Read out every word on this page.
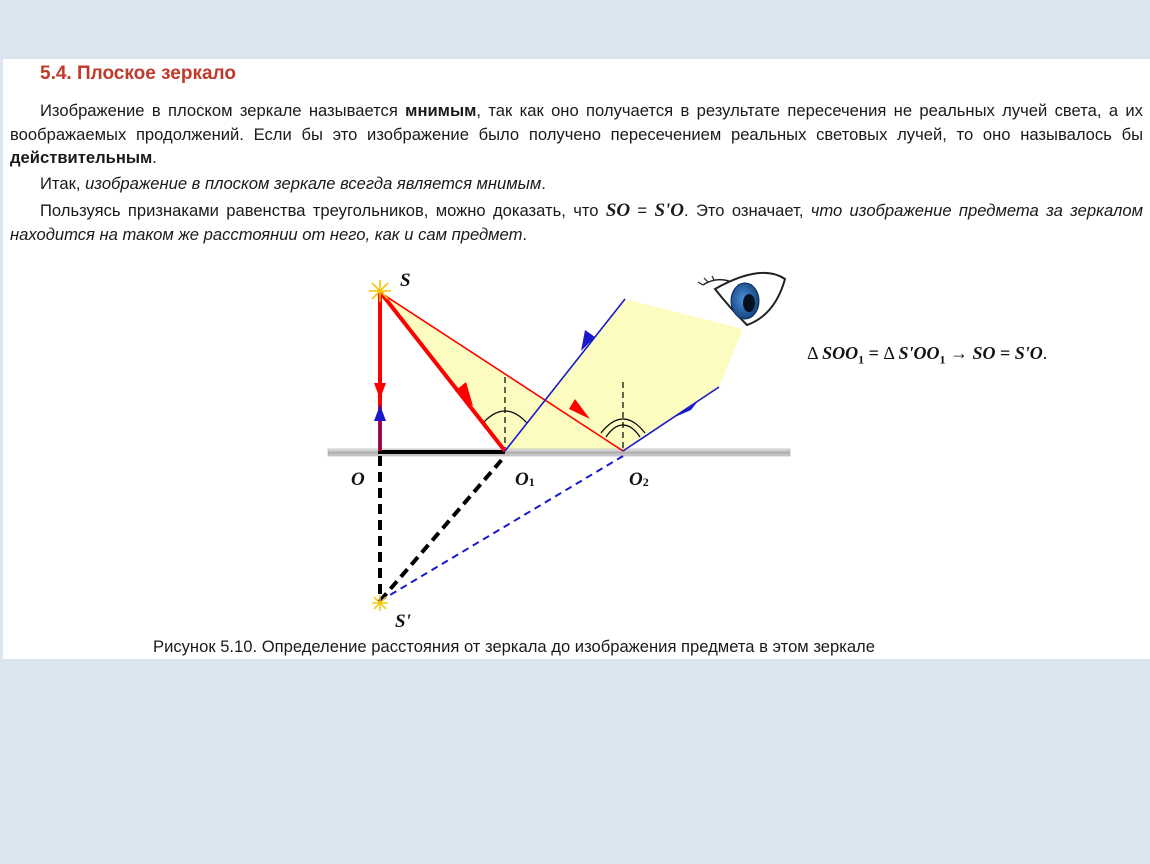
5.4. Плоское зеркало

Изображение в плоском зеркале называется мнимым, так как оно получается в результате пересечения не реальных лучей света, а их воображаемых продолжений. Если бы это изображение было получено пересечением реальных световых лучей, то оно называлось бы действительным.

Итак, изображение в плоском зеркале всегда является мнимым.

Пользуясь признаками равенства треугольников, можно доказать, что SO = S'O. Это означает, что изображение предмета за зеркалом находится на таком же расстоянии от него, как и сам предмет.

S
S'
O	O1	O2
Δ $SOO_1 = \Delta$ $S'OO_1$ → SO = S'O.
Рисунок 5.10. Определение расстояния от зеркала до изображения предмета в этом зеркале
